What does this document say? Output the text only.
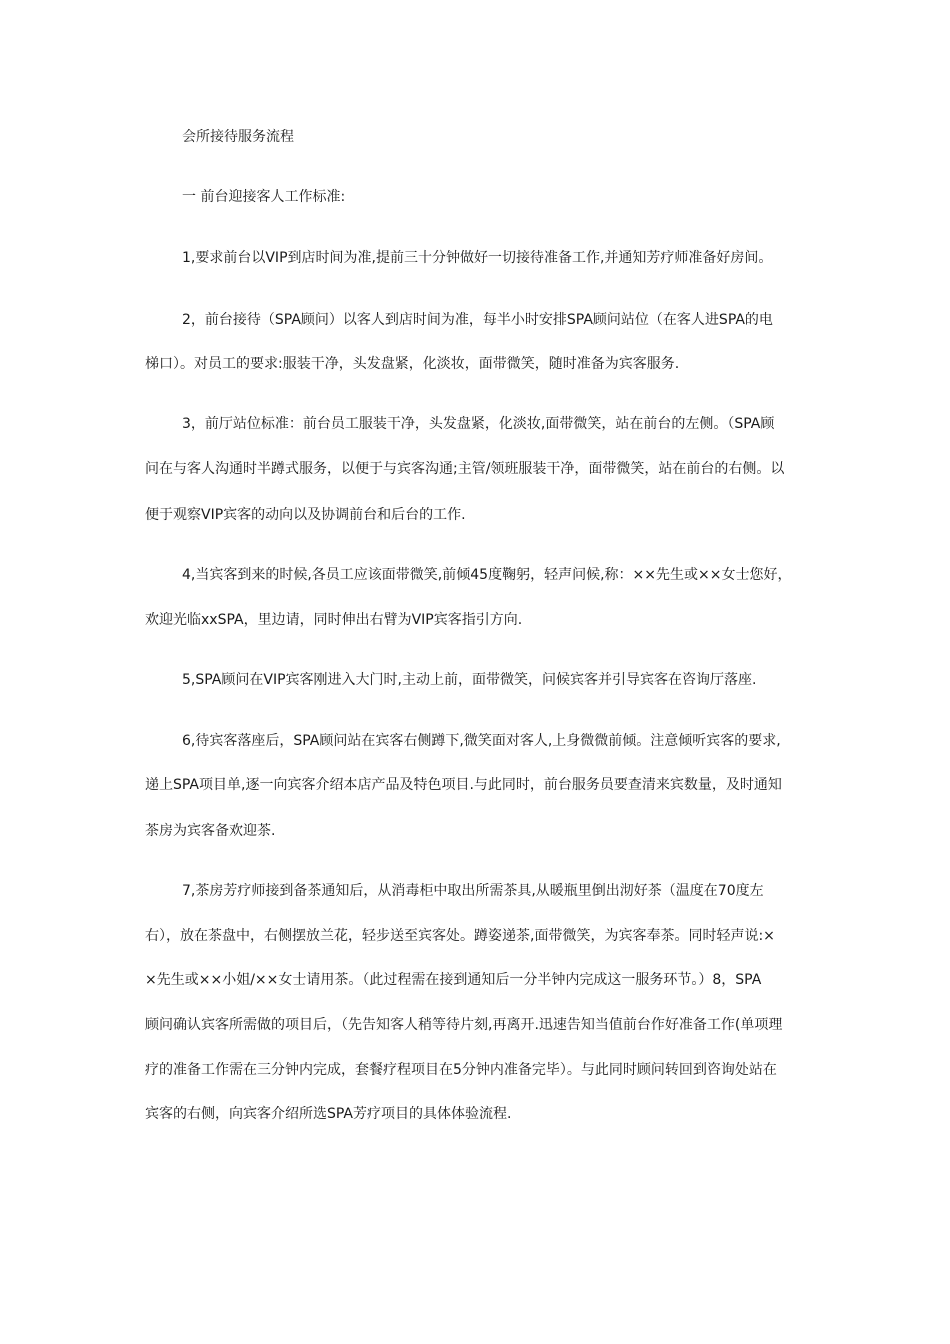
会所接待服务流程
一 前台迎接客人工作标准:
1,要求前台以VIP到店时间为准,提前三十分钟做好一切接待准备工作,并通知芳疗师准备好房间。
2，前台接待（SPA顾问）以客人到店时间为准，每半小时安排SPA顾问站位（在客人进SPA的电
梯口）。对员工的要求:服装干净，头发盘紧，化淡妆，面带微笑，随时准备为宾客服务.
3，前厅站位标准：前台员工服装干净，头发盘紧，化淡妆,面带微笑，站在前台的左侧。（SPA顾
问在与客人沟通时半蹲式服务，以便于与宾客沟通;主管/领班服装干净，面带微笑，站在前台的右侧。以
便于观察VIP宾客的动向以及协调前台和后台的工作.
4,当宾客到来的时候,各员工应该面带微笑,前倾45度鞠躬，轻声问候,称：××先生或××女士您好，
欢迎光临xxSPA，里边请，同时伸出右臂为VIP宾客指引方向.
5,SPA顾问在VIP宾客刚进入大门时,主动上前，面带微笑，问候宾客并引导宾客在咨询厅落座.
6,待宾客落座后，SPA顾问站在宾客右侧蹲下,微笑面对客人,上身微微前倾。注意倾听宾客的要求,
递上SPA项目单,逐一向宾客介绍本店产品及特色项目.与此同时，前台服务员要查清来宾数量，及时通知
茶房为宾客备欢迎茶.
7,茶房芳疗师接到备茶通知后，从消毒柜中取出所需茶具,从暖瓶里倒出沏好茶（温度在70度左
右），放在茶盘中，右侧摆放兰花，轻步送至宾客处。蹲姿递茶,面带微笑，为宾客奉茶。同时轻声说:×
×先生或××小姐/××女士请用茶。（此过程需在接到通知后一分半钟内完成这一服务环节。）8，SPA
顾问确认宾客所需做的项目后，（先告知客人稍等待片刻,再离开.迅速告知当值前台作好准备工作(单项理
疗的准备工作需在三分钟内完成，套餐疗程项目在5分钟内准备完毕）。与此同时顾问转回到咨询处站在
宾客的右侧，向宾客介绍所选SPA芳疗项目的具体体验流程.
